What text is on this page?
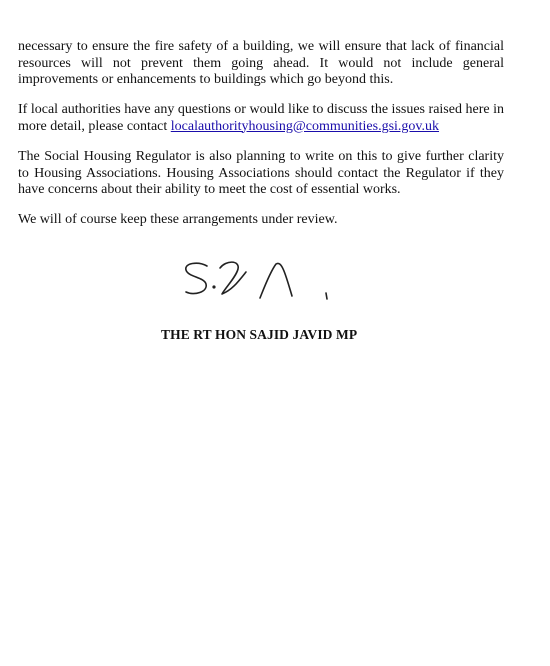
necessary to ensure the fire safety of a building, we will ensure that lack of financial resources will not prevent them going ahead. It would not include general improvements or enhancements to buildings which go beyond this.

If local authorities have any questions or would like to discuss the issues raised here in more detail, please contact localauthorityhousing@communities.gsi.gov.uk

The Social Housing Regulator is also planning to write on this to give further clarity to Housing Associations. Housing Associations should contact the Regulator if they have concerns about their ability to meet the cost of essential works.

We will of course keep these arrangements under review.

THE RT HON SAJID JAVID MP
